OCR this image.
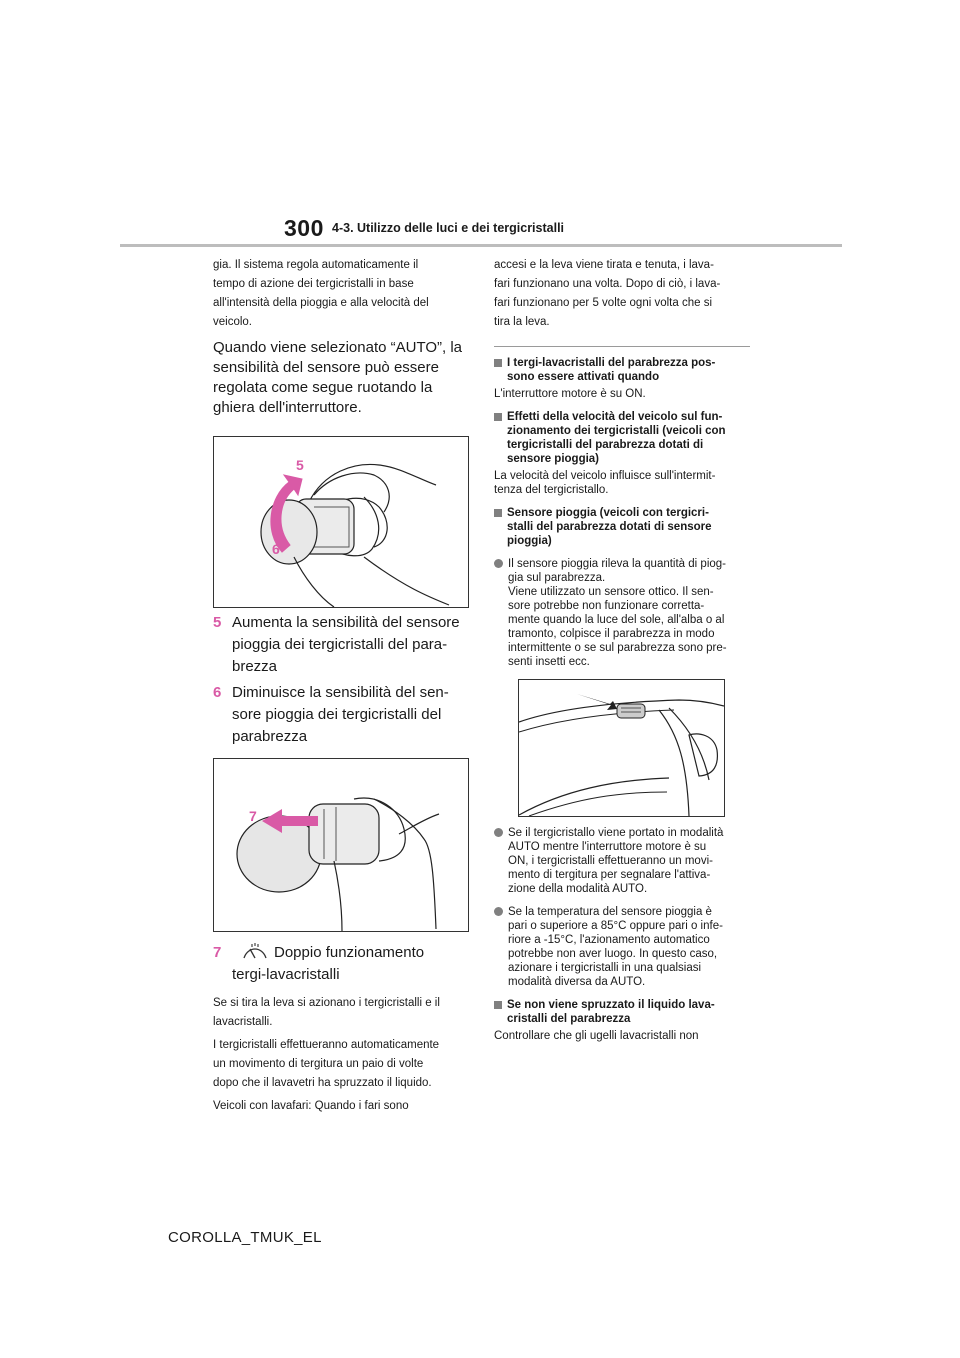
300 4-3. Utilizzo delle luci e dei tergicristalli

gia. Il sistema regola automaticamente il
tempo di azione dei tergicristalli in base
all'intensità della pioggia e alla velocità del
veicolo.

Quando viene selezionato “AUTO”, la
sensibilità del sensore può essere
regolata come segue ruotando la
ghiera dell'interruttore.

5
6
5 Aumenta la sensibilità del sensore
pioggia dei tergicristalli del para-
brezza
6 Diminuisce la sensibilità del sen-
sore pioggia dei tergicristalli del
parabrezza
7
7	Doppio funzionamento
tergi-lavacristalli

Se si tira la leva si azionano i tergicristalli e il
lavacristalli.

I tergicristalli effettueranno automaticamente
un movimento di tergitura un paio di volte
dopo che il lavavetri ha spruzzato il liquido.

Veicoli con lavafari: Quando i fari sono

accesi e la leva viene tirata e tenuta, i lava-
fari funzionano una volta. Dopo di ciò, i lava-
fari funzionano per 5 volte ogni volta che si
tira la leva.

I tergi-lavacristalli del parabrezza pos-
sono essere attivati quando

L'interruttore motore è su ON.

Effetti della velocità del veicolo sul fun-
zionamento dei tergicristalli (veicoli con
tergicristalli del parabrezza dotati di
sensore pioggia)

La velocità del veicolo influisce sull'intermit-
tenza del tergicristallo.

Sensore pioggia (veicoli con tergicri-
stalli del parabrezza dotati di sensore
pioggia)
Il sensore pioggia rileva la quantità di piog-
gia sul parabrezza.
Viene utilizzato un sensore ottico. Il sen-
sore potrebbe non funzionare corretta-
mente quando la luce del sole, all'alba o al
tramonto, colpisce il parabrezza in modo
intermittente o se sul parabrezza sono pre-
senti insetti ecc.
Se il tergicristallo viene portato in modalità
AUTO mentre l'interruttore motore è su
ON, i tergicristalli effettueranno un movi-
mento di tergitura per segnalare l'attiva-
zione della modalità AUTO.
Se la temperatura del sensore pioggia è
pari o superiore a 85°C oppure pari o infe-
riore a -15°C, l'azionamento automatico
potrebbe non aver luogo. In questo caso,
azionare i tergicristalli in una qualsiasi
modalità diversa da AUTO.
Se non viene spruzzato il liquido lava-
cristalli del parabrezza

Controllare che gli ugelli lavacristalli non

COROLLA_TMUK_EL
